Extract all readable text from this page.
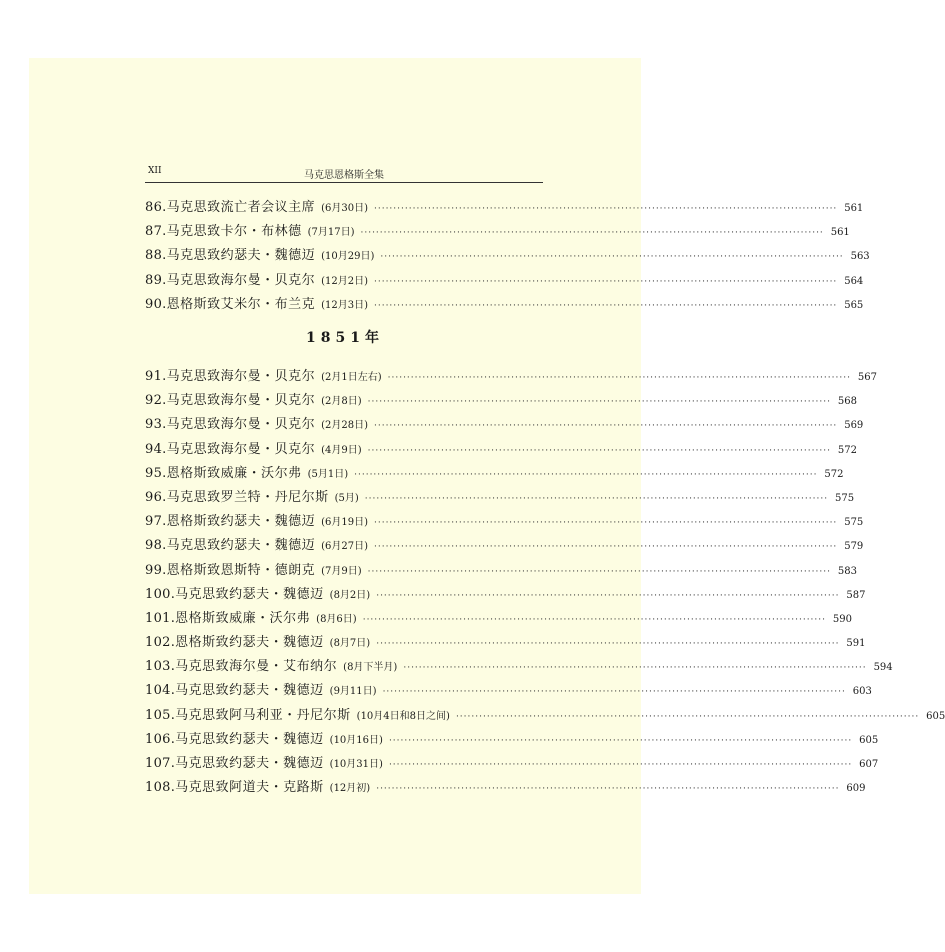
XII	马克思恩格斯全集
86. 马克思致流亡者会议主席 (6月30日) ························································································································ 561
87. 马克思致卡尔・布林德 (7月17日) ························································································································ 561
88. 马克思致约瑟夫・魏德迈 (10月29日) ························································································································ 563
89. 马克思致海尔曼・贝克尔 (12月2日) ························································································································ 564
90. 恩格斯致艾米尔・布兰克 (12月3日) ························································································································ 565
1851年
91. 马克思致海尔曼・贝克尔 (2月1日左右) ························································································································ 567
92. 马克思致海尔曼・贝克尔 (2月8日) ························································································································ 568
93. 马克思致海尔曼・贝克尔 (2月28日) ························································································································ 569
94. 马克思致海尔曼・贝克尔 (4月9日) ························································································································ 572
95. 恩格斯致威廉・沃尔弗 (5月1日) ························································································································ 572
96. 马克思致罗兰特・丹尼尔斯 (5月) ························································································································ 575
97. 恩格斯致约瑟夫・魏德迈 (6月19日) ························································································································ 575
98. 马克思致约瑟夫・魏德迈 (6月27日) ························································································································ 579
99. 恩格斯致恩斯特・德朗克 (7月9日) ························································································································ 583
100. 马克思致约瑟夫・魏德迈 (8月2日) ························································································································ 587
101. 恩格斯致威廉・沃尔弗 (8月6日) ························································································································ 590
102. 恩格斯致约瑟夫・魏德迈 (8月7日) ························································································································ 591
103. 马克思致海尔曼・艾布纳尔 (8月下半月) ························································································································ 594
104. 马克思致约瑟夫・魏德迈 (9月11日) ························································································································ 603
105. 马克思致阿马利亚・丹尼尔斯 (10月4日和8日之间) ························································································································ 605
106. 马克思致约瑟夫・魏德迈 (10月16日) ························································································································ 605
107. 马克思致约瑟夫・魏德迈 (10月31日) ························································································································ 607
108. 马克思致阿道夫・克路斯 (12月初) ························································································································ 609
